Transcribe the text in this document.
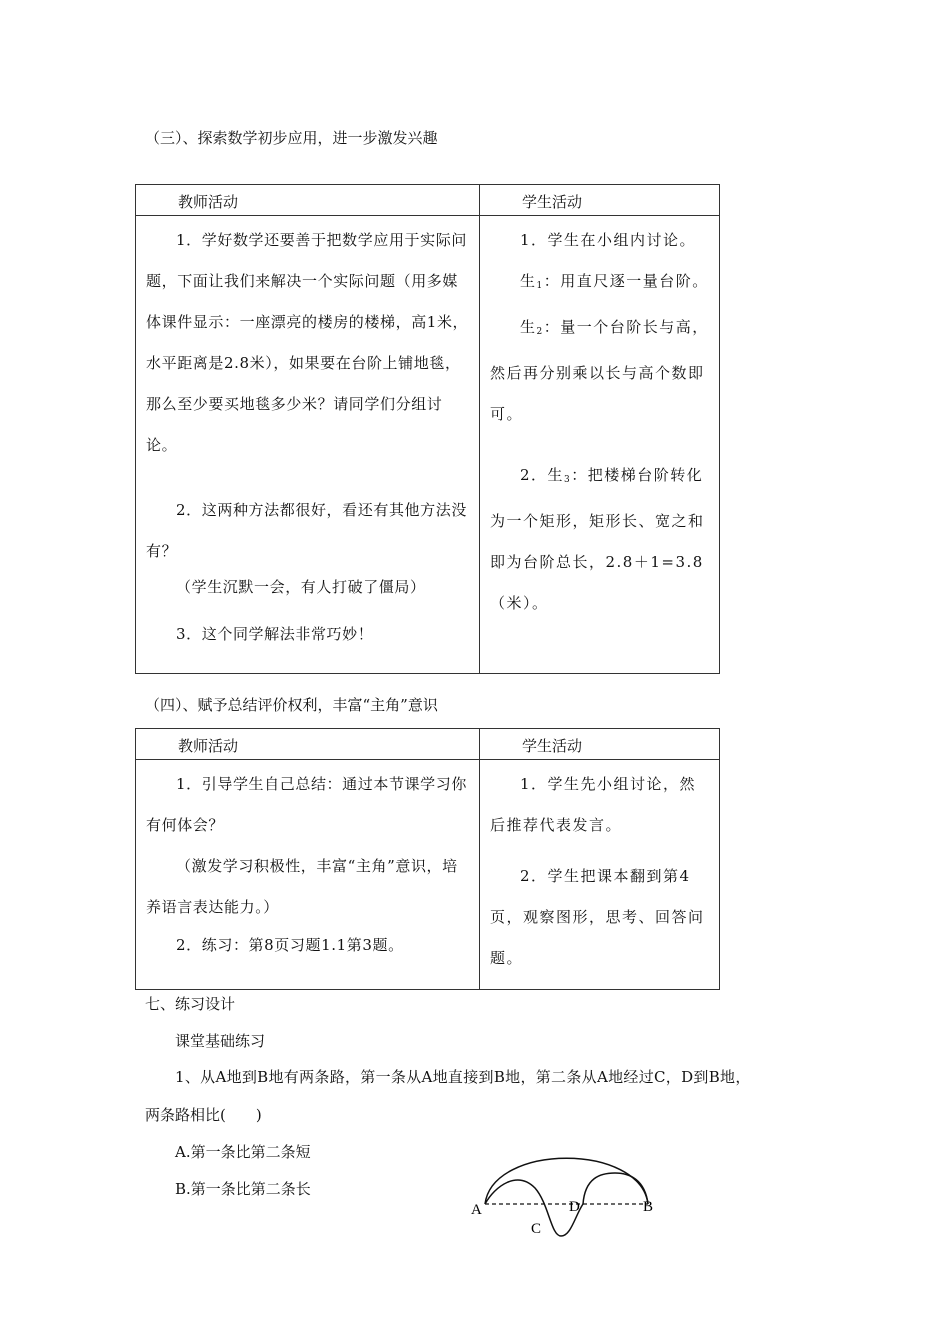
（三）、探索数学初步应用，进一步激发兴趣
教师活动	学生活动

1．学好数学还要善于把数学应用于实际问题，下面让我们来解决一个实际问题（用多媒体课件显示：一座漂亮的楼房的楼梯，高1米，水平距离是2.8米），如果要在台阶上铺地毯，那么至少要买地毯多少米？请同学们分组讨论。
2．这两种方法都很好，看还有其他方法没有？
（学生沉默一会，有人打破了僵局）
3．这个同学解法非常巧妙！	1．学生在小组内讨论。
生$_1$：用直尺逐一量台阶。
生$_2$：量一个台阶长与高，然后再分别乘以长与高个数即可。
2．生$_3$：把楼梯台阶转化为一个矩形，矩形长、宽之和即为台阶总长，2.8＋1=3.8（米）。
（四）、赋予总结评价权利，丰富“主角”意识
教师活动	学生活动

1．引导学生自己总结：通过本节课学习你有何体会？
（激发学习积极性，丰富“主角”意识，培养语言表达能力。）
2．练习：第8页习题1.1第3题。	1．学生先小组讨论，然后推荐代表发言。
2．学生把课本翻到第4页，观察图形，思考、回答问题。
七、练习设计
课堂基础练习
1、从A地到B地有两条路，第一条从A地直接到B地，第二条从A地经过C，D到B地，
两条路相比(　　)
A.第一条比第二条短
B.第一条比第二条长
A	B
C
D
